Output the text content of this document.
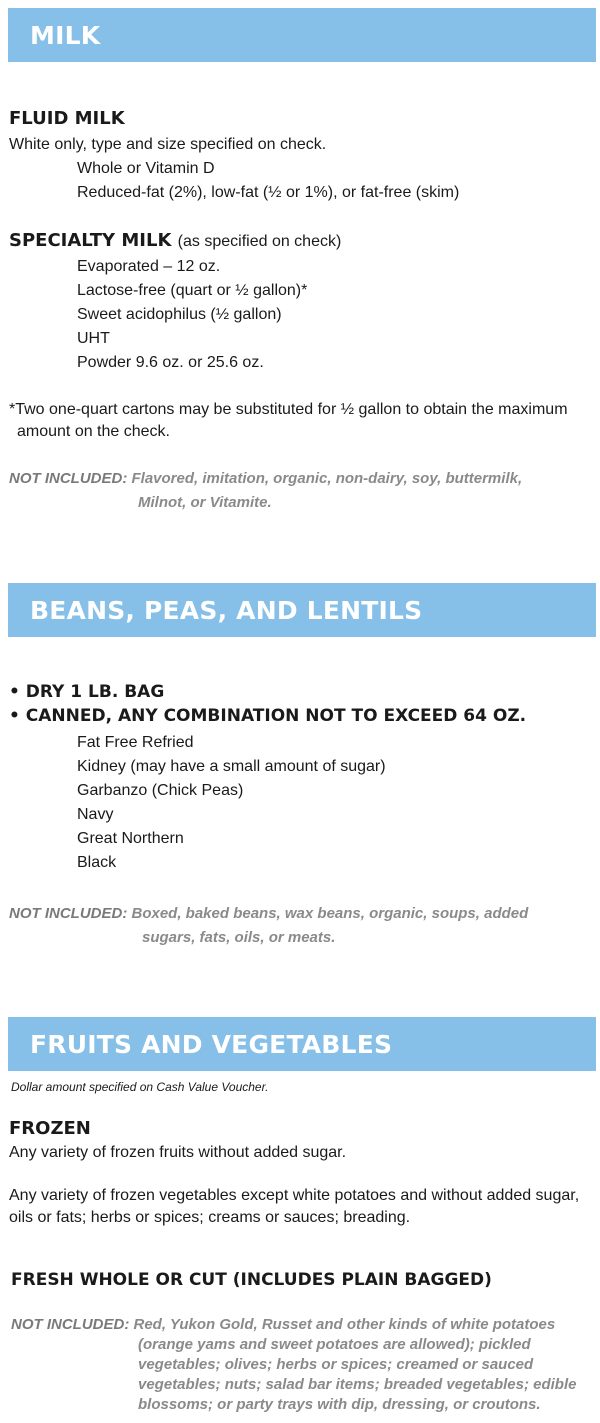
MILK
FLUID MILK
White only, type and size specified on check.
Whole or Vitamin D
Reduced-fat (2%), low-fat (½ or 1%), or fat-free (skim)
SPECIALTY MILK (as specified on check)
Evaporated – 12 oz.
Lactose-free (quart or ½ gallon)*
Sweet acidophilus (½ gallon)
UHT
Powder 9.6 oz. or 25.6 oz.
*Two one-quart cartons may be substituted for ½ gallon to obtain the maximum
amount on the check.
NOT INCLUDED: Flavored, imitation, organic, non-dairy, soy, buttermilk,
Milnot, or Vitamite.
BEANS, PEAS, AND LENTILS
• DRY 1 LB. BAG
• CANNED, ANY COMBINATION NOT TO EXCEED 64 OZ.
Fat Free Refried
Kidney (may have a small amount of sugar)
Garbanzo (Chick Peas)
Navy
Great Northern
Black
NOT INCLUDED: Boxed, baked beans, wax beans, organic, soups, added
sugars, fats, oils, or meats.
FRUITS AND VEGETABLES
Dollar amount specified on Cash Value Voucher.
FROZEN
Any variety of frozen fruits without added sugar.
Any variety of frozen vegetables except white potatoes and without added sugar,
oils or fats; herbs or spices; creams or sauces; breading.
FRESH WHOLE OR CUT (INCLUDES PLAIN BAGGED)
NOT INCLUDED: Red, Yukon Gold, Russet and other kinds of white potatoes
(orange yams and sweet potatoes are allowed); pickled
vegetables; olives; herbs or spices; creamed or sauced
vegetables; nuts; salad bar items; breaded vegetables; edible
blossoms; or party trays with dip, dressing, or croutons.
